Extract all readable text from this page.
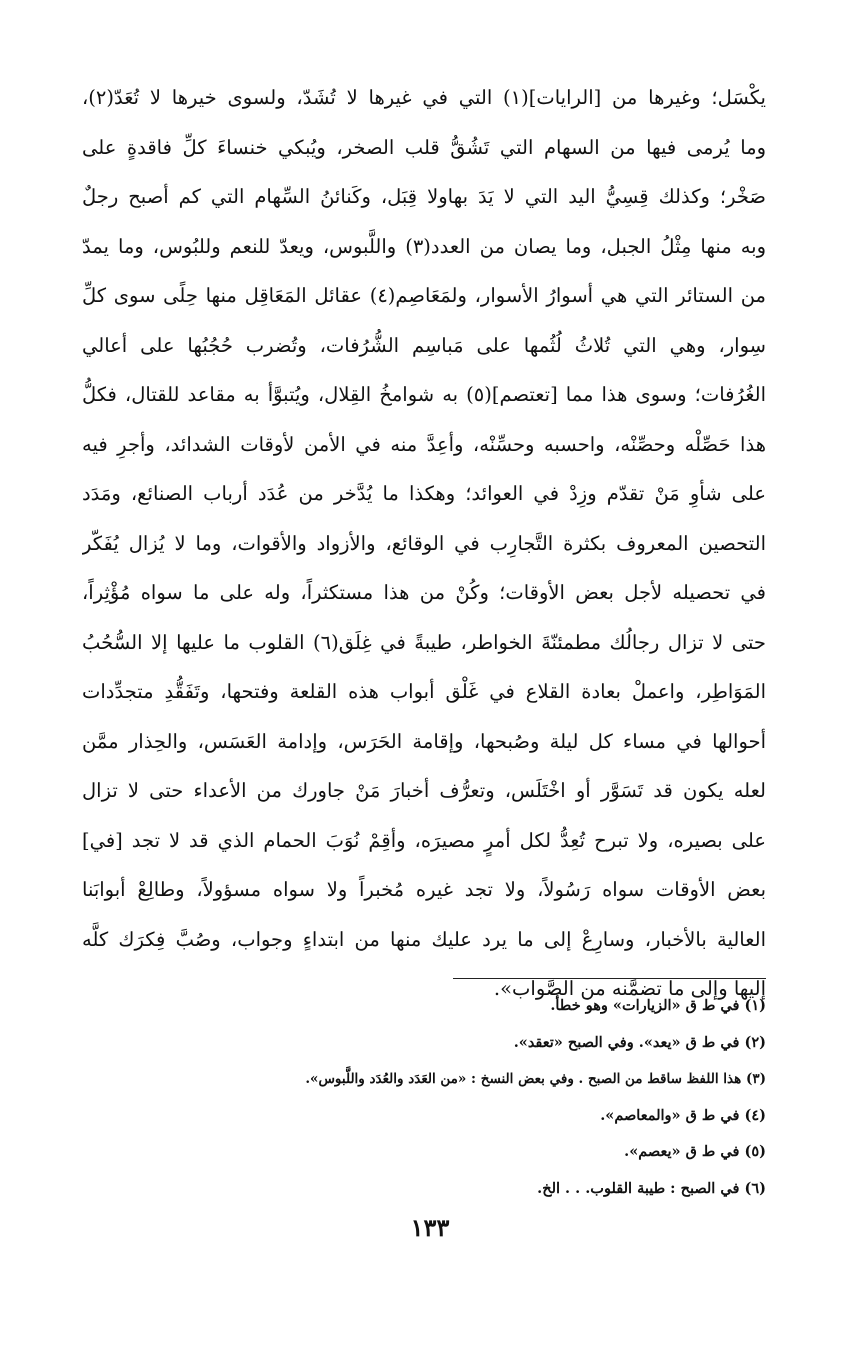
يكْسَل؛ وغيرها من [الرايات](١) التي في غيرها لا تُشَدّ، ولسوى خيرها لا تُعَدّ(٢)،
وما يُرمى فيها من السهام التي تَشُقُّ قلب الصخر، ويُبكي خنساءَ كلِّ فاقدةٍ على
صَخْر؛ وكذلك قِسِيُّ اليد التي لا يَدَ بهاولا قِبَل، وكَنائنُ السِّهام التي كم أصبح رجلٌ
وبه منها مِثْلُ الجبل، وما يصان من العدد(٣) واللَّبوس، ويعدّ للنعم وللبُوس، وما يمدّ
من الستائر التي هي أسوارُ الأسوار، ولمَعَاصِم(٤) عقائل المَعَاقِل منها حِلًى سوى كلِّ
سِوار، وهي التي تُلاثُ لُثُمها على مَباسِم الشُّرُفات، وتُضرب حُجُبُها على أعالي
الغُرُفات؛ وسوى هذا مما [تعتصم](٥) به شوامخُ القِلال، ويُتبوَّأ به مقاعد للقتال، فكلُّ
هذا حَصِّلْه وحصِّنْه، واحسبه وحسِّنْه، وأعِدَّ منه في الأمن لأوقات الشدائد، وأجرِ فيه
على شأوِ مَنْ تقدّم وزِدْ في العوائد؛ وهكذا ما يُدَّخر من عُدَد أرباب الصنائع، ومَدَد
التحصين المعروف بكثرة التَّجارِب في الوقائع، والأزواد والأقوات، وما لا يُزال يُفَكّر
في تحصيله لأجل بعض الأوقات؛ وكُنْ من هذا مستكثراً، وله على ما سواه مُؤْثِراً،
حتى لا تزال رجالُك مطمئنّةَ الخواطر، طيبةً في غِلَق(٦) القلوب ما عليها إلا السُّحُبُ
المَوَاطِر، واعملْ بعادة القلاع في غَلْق أبواب هذه القلعة وفتحها، وتَفَقُّدِ متجدِّدات
أحوالها في مساء كل ليلة وصُبحها، وإقامة الحَرَس، وإدامة العَسَس، والحِذار ممَّن
لعله يكون قد تَسَوَّر أو اخْتَلَس، وتعرُّف أخبارَ مَنْ جاورك من الأعداء حتى لا تزال
على بصيره، ولا تبرح تُعِدُّ لكل أمرٍ مصيرَه، وأقِمْ نُوَبَ الحمام الذي قد لا تجد [في]
بعض الأوقات سواه رَسُولاً، ولا تجد غيره مُخبراً ولا سواه مسؤولاً، وطالِعْ أبوابَنا
العالية بالأخبار، وسارِعْ إلى ما يرد عليك منها من ابتداءٍ وجواب، وصُبَّ فِكرَك كلَّه
إليها وإلى ما تضمَّنه من الصَّواب».
(١) في ط ق «الزيارات» وهو خطأ.
(٢) في ط ق «يعد». وفي الصبح «تعقد».
(٣) هذا اللفظ ساقط من الصبح . وفي بعض النسخ : «من العَدَد والعُدَد واللَّبوس».
(٤) في ط ق «والمعاصم».
(٥) في ط ق «يعصم».
(٦) في الصبح : طيبة القلوب. . . الخ.
١٣٣
